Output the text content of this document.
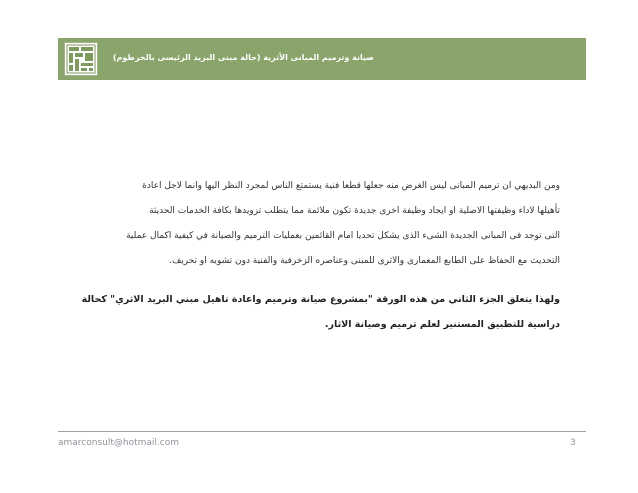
صيانة وترميم المبانى الأثرية (حالة مبنى البريد الرئيسى بالخرطوم)
ومن البديهي ان ترميم المبانى ليس الغرض منه جعلها قطعا فنية يستمتع الناس لمجرد النظر اليها وانما لاجل اعادة
تأهيلها لاداء وظيفتها الاصلية او ايجاد وظيفة اخرى جديدة تكون ملائمة مما يتطلب تزويدها بكافة الخدمات الحديثة
التى توجد فى المبانى الجديدة الشىء الذى يشكل تحديا امام القائمين بعمليات الترميم والصيانة في كيفية اكمال عملية
التحديث مع الحفاظ على الطابع المعمارى والاثرى للمبنى وعناصره الزخرفية والفنية دون تشويه او تحريف.
ولهذا يتعلق الجزء الثاني من هذه الورقة "بمشروع صيانة وترميم واعادة تاهيل مبني البريد الاثري" كحالة
دراسية للتطبيق المستنير لعلم ترميم وصيانة الاثار.
amarconsult@hotmail.com	3
